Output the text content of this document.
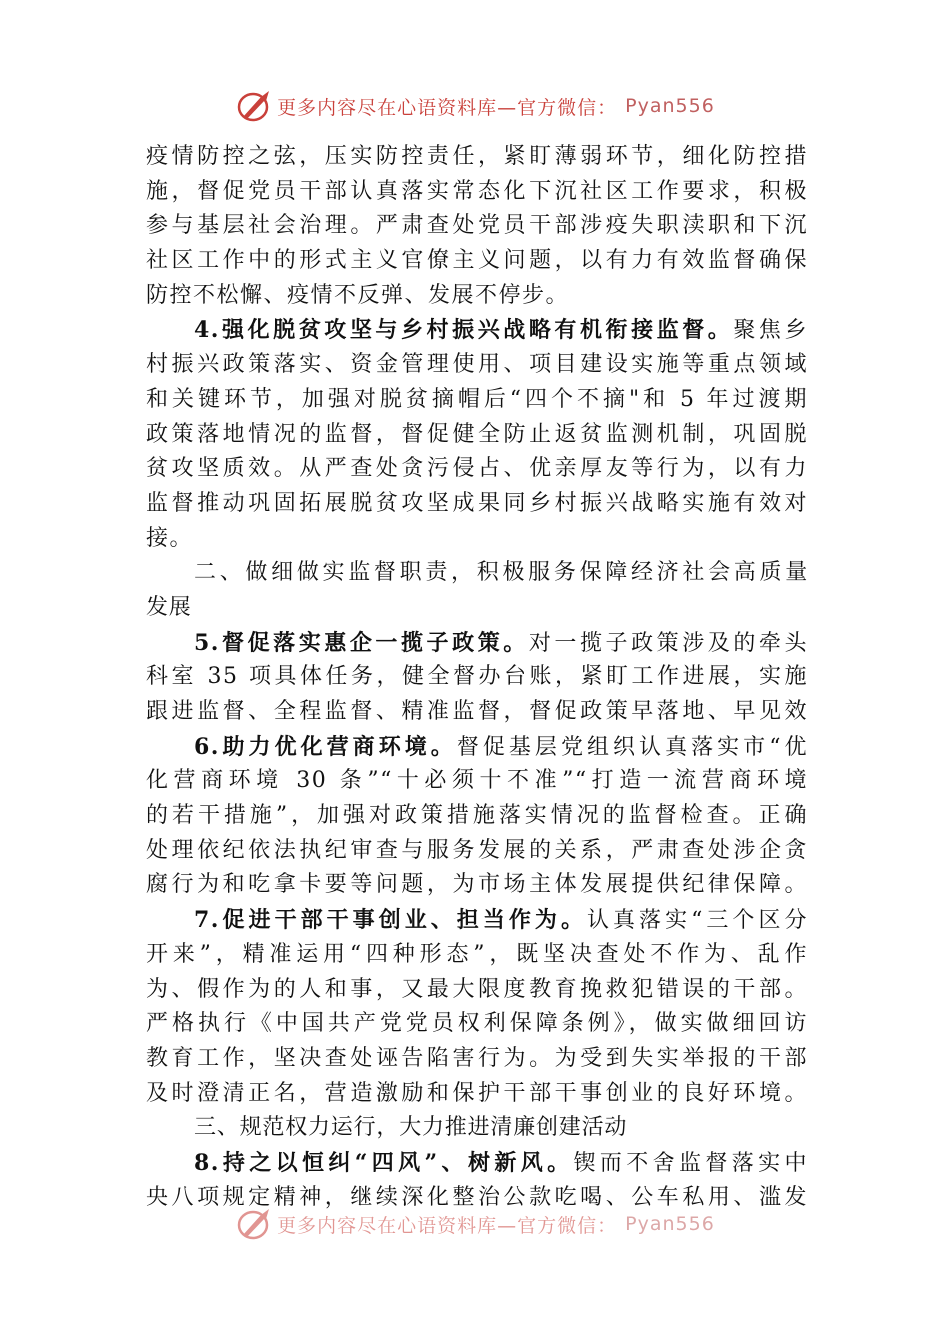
更多内容尽在心语资料库—官方微信： Pyan556
疫情防控之弦，压实防控责任，紧盯薄弱环节，细化防控措
施，督促党员干部认真落实常态化下沉社区工作要求，积极
参与基层社会治理。严肃查处党员干部涉疫失职渎职和下沉
社区工作中的形式主义官僚主义问题，以有力有效监督确保
防控不松懈、疫情不反弹、发展不停步。
4.强化脱贫攻坚与乡村振兴战略有机衔接监督。聚焦乡
村振兴政策落实、资金管理使用、项目建设实施等重点领域
和关键环节，加强对脱贫摘帽后“四个不摘"和 5 年过渡期
政策落地情况的监督，督促健全防止返贫监测机制，巩固脱
贫攻坚质效。从严查处贪污侵占、优亲厚友等行为，以有力
监督推动巩固拓展脱贫攻坚成果同乡村振兴战略实施有效对
接。
二、做细做实监督职责，积极服务保障经济社会高质量
发展
5.督促落实惠企一揽子政策。对一揽子政策涉及的牵头
科室 35 项具体任务，健全督办台账，紧盯工作进展，实施
跟进监督、全程监督、精准监督，督促政策早落地、早见效
6.助力优化营商环境。督促基层党组织认真落实市“优
化营商环境 30 条”“十必须十不准”“打造一流营商环境
的若干措施”，加强对政策措施落实情况的监督检查。正确
处理依纪依法执纪审查与服务发展的关系，严肃查处涉企贪
腐行为和吃拿卡要等问题，为市场主体发展提供纪律保障。
7.促进干部干事创业、担当作为。认真落实“三个区分
开来”，精准运用“四种形态”，既坚决查处不作为、乱作
为、假作为的人和事，又最大限度教育挽救犯错误的干部。
严格执行《中国共产党党员权利保障条例》，做实做细回访
教育工作，坚决查处诬告陷害行为。为受到失实举报的干部
及时澄清正名，营造激励和保护干部干事创业的良好环境。
三、规范权力运行，大力推进清廉创建活动
8.持之以恒纠“四风”、树新风。锲而不舍监督落实中
央八项规定精神，继续深化整治公款吃喝、公车私用、滥发
更多内容尽在心语资料库—官方微信： Pyan556
